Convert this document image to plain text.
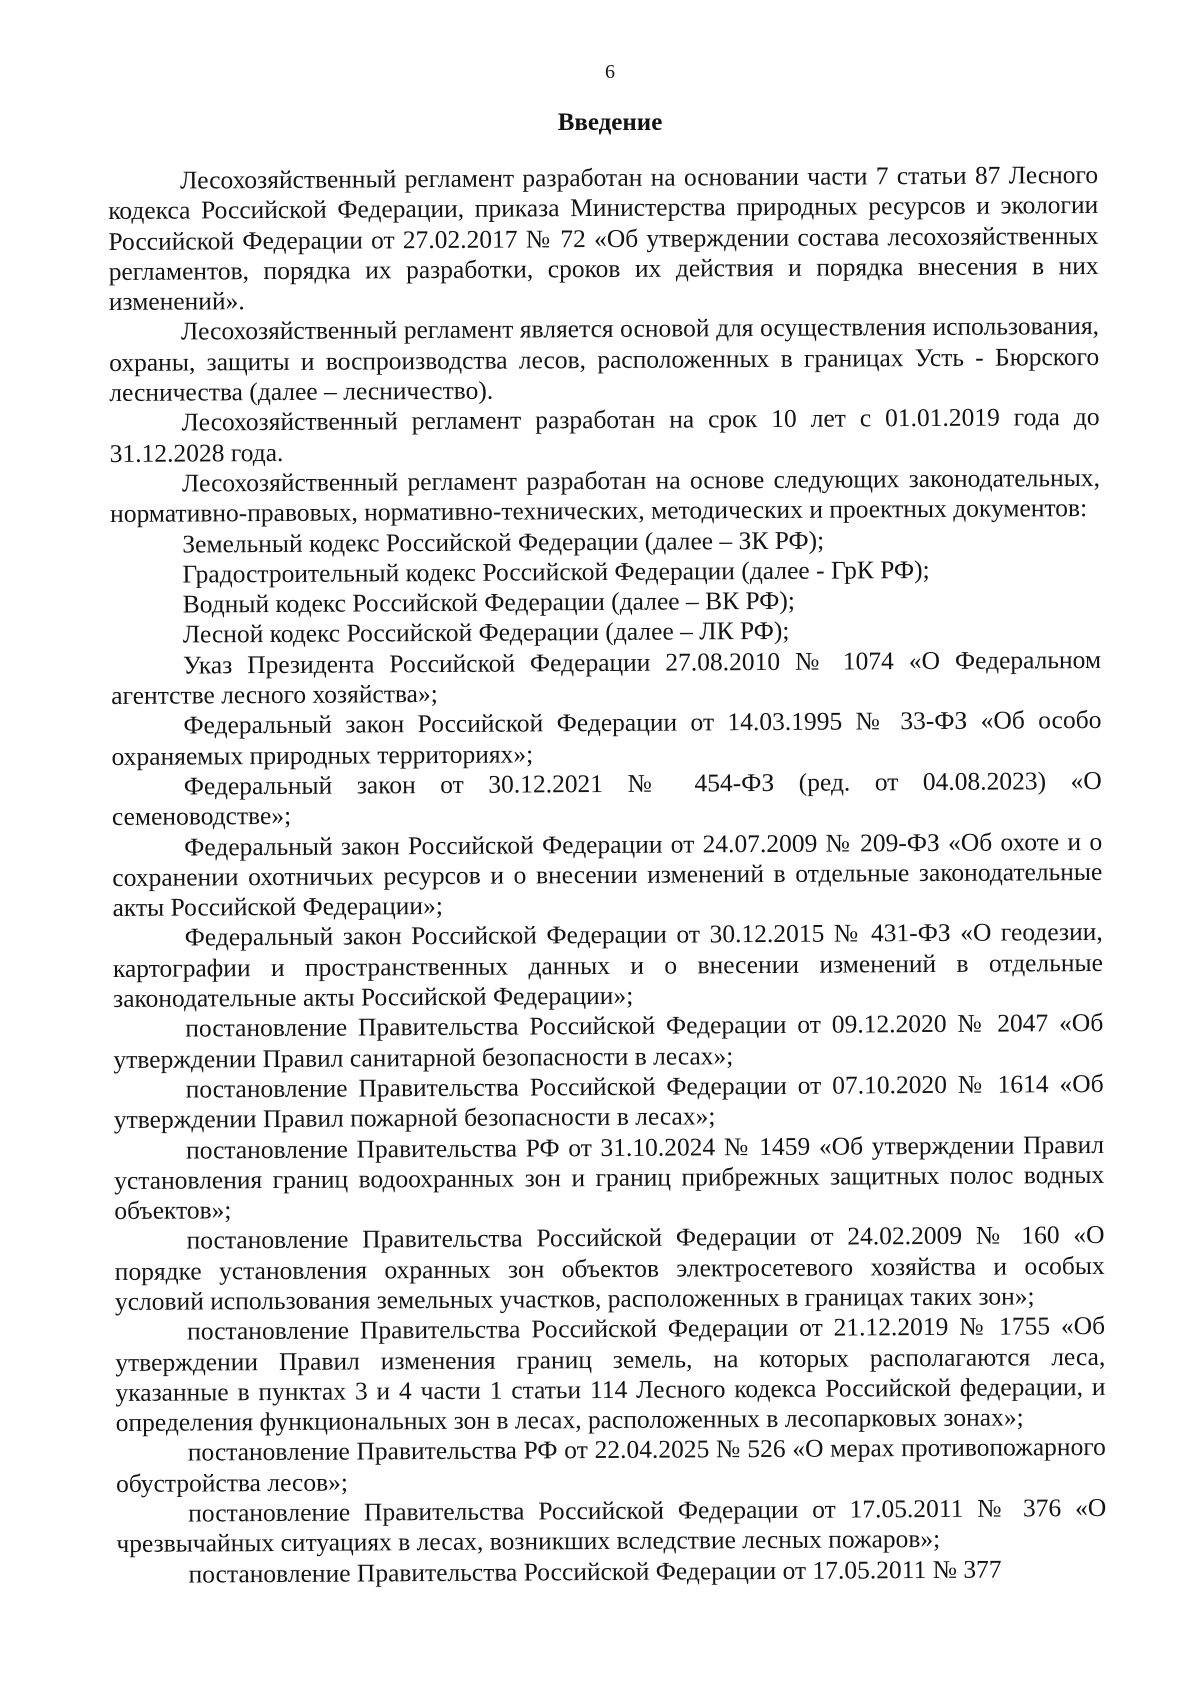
6
Введение

Лесохозяйственный регламент разработан на основании части 7 статьи 87 Лесного кодекса Российской Федерации, приказа Министерства природных ресурсов и экологии Российской Федерации от 27.02.2017 № 72 «Об утверждении состава лесохозяйственных регламентов, порядка их разработки, сроков их действия и порядка внесения в них изменений».

Лесохозяйственный регламент является основой для осуществления использования, охраны, защиты и воспроизводства лесов, расположенных в границах Усть - Бюрского лесничества (далее – лесничество).

Лесохозяйственный регламент разработан на срок 10 лет с 01.01.2019 года до 31.12.2028 года.

Лесохозяйственный регламент разработан на основе следующих законодательных, нормативно-правовых, нормативно-технических, методических и проектных документов:

Земельный кодекс Российской Федерации (далее – ЗК РФ);

Градостроительный кодекс Российской Федерации (далее - ГрК РФ);

Водный кодекс Российской Федерации (далее – ВК РФ);

Лесной кодекс Российской Федерации (далее – ЛК РФ);

Указ Президента Российской Федерации 27.08.2010 № 1074 «О Федеральном агентстве лесного хозяйства»;

Федеральный закон Российской Федерации от 14.03.1995 № 33-ФЗ «Об особо охраняемых природных территориях»;

Федеральный закон от 30.12.2021 № 454-ФЗ (ред. от 04.08.2023) «О семеноводстве»;

Федеральный закон Российской Федерации от 24.07.2009 № 209-ФЗ «Об охоте и о сохранении охотничьих ресурсов и о внесении изменений в отдельные законодательные акты Российской Федерации»;

Федеральный закон Российской Федерации от 30.12.2015 № 431-ФЗ «О геодезии, картографии и пространственных данных и о внесении изменений в отдельные законодательные акты Российской Федерации»;

постановление Правительства Российской Федерации от 09.12.2020 № 2047 «Об утверждении Правил санитарной безопасности в лесах»;

постановление Правительства Российской Федерации от 07.10.2020 № 1614 «Об утверждении Правил пожарной безопасности в лесах»;

постановление Правительства РФ от 31.10.2024 № 1459 «Об утверждении Правил установления границ водоохранных зон и границ прибрежных защитных полос водных объектов»;

постановление Правительства Российской Федерации от 24.02.2009 № 160 «О порядке установления охранных зон объектов электросетевого хозяйства и особых условий использования земельных участков, расположенных в границах таких зон»;

постановление Правительства Российской Федерации от 21.12.2019 № 1755 «Об утверждении Правил изменения границ земель, на которых располагаются леса, указанные в пунктах 3 и 4 части 1 статьи 114 Лесного кодекса Российской федерации, и определения функциональных зон в лесах, расположенных в лесопарковых зонах»;

постановление Правительства РФ от 22.04.2025 № 526 «О мерах противопожарного обустройства лесов»;

постановление Правительства Российской Федерации от 17.05.2011 № 376 «О чрезвычайных ситуациях в лесах, возникших вследствие лесных пожаров»;

постановление Правительства Российской Федерации от 17.05.2011 № 377
